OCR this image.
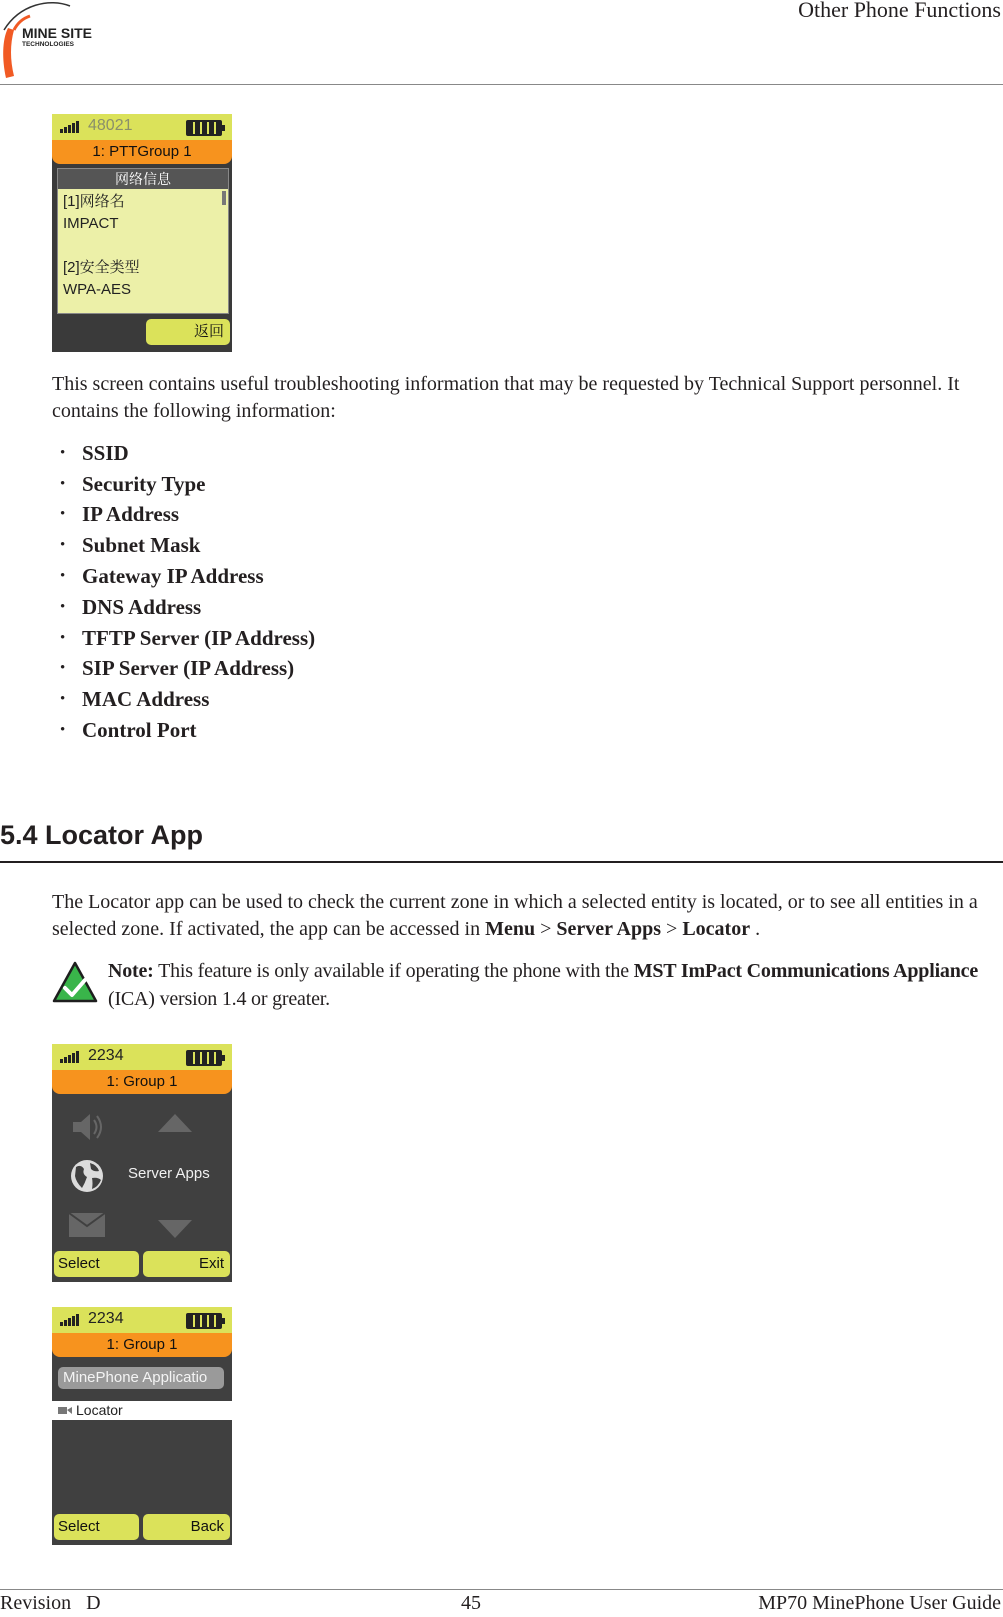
MINE SITE
TECHNOLOGIES
Other Phone Functions
48021
1: PTTGroup 1
网络信息
[1]网络名
IMPACT
[2]安全类型
WPA-AES
返回
This screen contains useful troubleshooting information that may be requested by Technical Support personnel. It contains the following information:
• SSID
• Security Type
• IP Address
• Subnet Mask
• Gateway IP Address
• DNS Address
• TFTP Server (IP Address)
• SIP Server (IP Address)
• MAC Address
• Control Port
5.4 Locator App
The Locator app can be used to check the current zone in which a selected entity is located, or to see all entities in a selected zone. If activated, the app can be accessed in Menu > Server Apps > Locator .
Note: This feature is only available if operating the phone with the MST ImPact Communications Appliance (ICA) version 1.4 or greater.
2234
1: Group 1
Server Apps
Select	Exit
2234
1: Group 1
MinePhone Applicatio
Locator
Select	Back
Revision   D	45	MP70 MinePhone User Guide
